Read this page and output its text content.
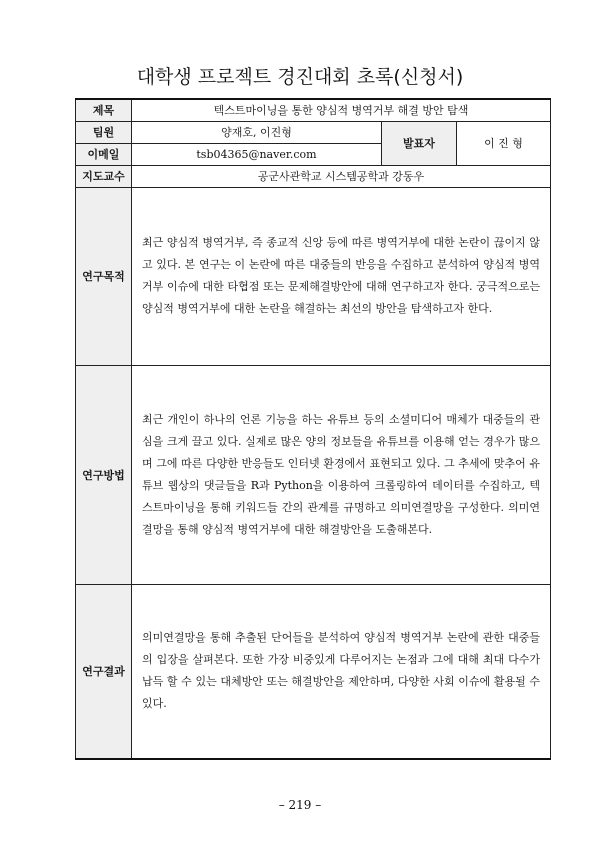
대학생 프로젝트 경진대회 초록(신청서)
제목	텍스트마이닝을 통한 양심적 병역거부 해결 방안 탐색		
팀원	양재호, 이진형	발표자	이 진 형
이메일	tsb04365@naver.com		
지도교수	공군사관학교 시스템공학과 강동우		
연구목적	최근 양심적 병역거부, 즉 종교적 신앙 등에 따른 병역거부에 대한 논란이 끊이지 않고 있다. 본 연구는 이 논란에 따른 대중들의 반응을 수집하고 분석하여 양심적 병역거부 이슈에 대한 타협점 또는 문제해결방안에 대해 연구하고자 한다. 궁극적으로는 양심적 병역거부에 대한 논란을 해결하는 최선의 방안을 탐색하고자 한다.		
연구방법	최근 개인이 하나의 언론 기능을 하는 유튜브 등의 소셜미디어 매체가 대중들의 관심을 크게 끌고 있다. 실제로 많은 양의 정보들을 유튜브를 이용해 얻는 경우가 많으며 그에 따른 다양한 반응들도 인터넷 환경에서 표현되고 있다. 그 추세에 맞추어 유튜브 웹상의 댓글들을 R과 Python을 이용하여 크롤링하여 데이터를 수집하고, 텍스트마이닝을 통해 키워드들 간의 관계를 규명하고 의미연결망을 구성한다. 의미연결망을 통해 양심적 병역거부에 대한 해결방안을 도출해본다.		
연구결과	의미연결망을 통해 추출된 단어들을 분석하여 양심적 병역거부 논란에 관한 대중들의 입장을 살펴본다. 또한 가장 비중있게 다루어지는 논점과 그에 대해 최대 다수가 납득 할 수 있는 대체방안 또는 해결방안을 제안하며, 다양한 사회 이슈에 활용될 수 있다.		
– 219 –
